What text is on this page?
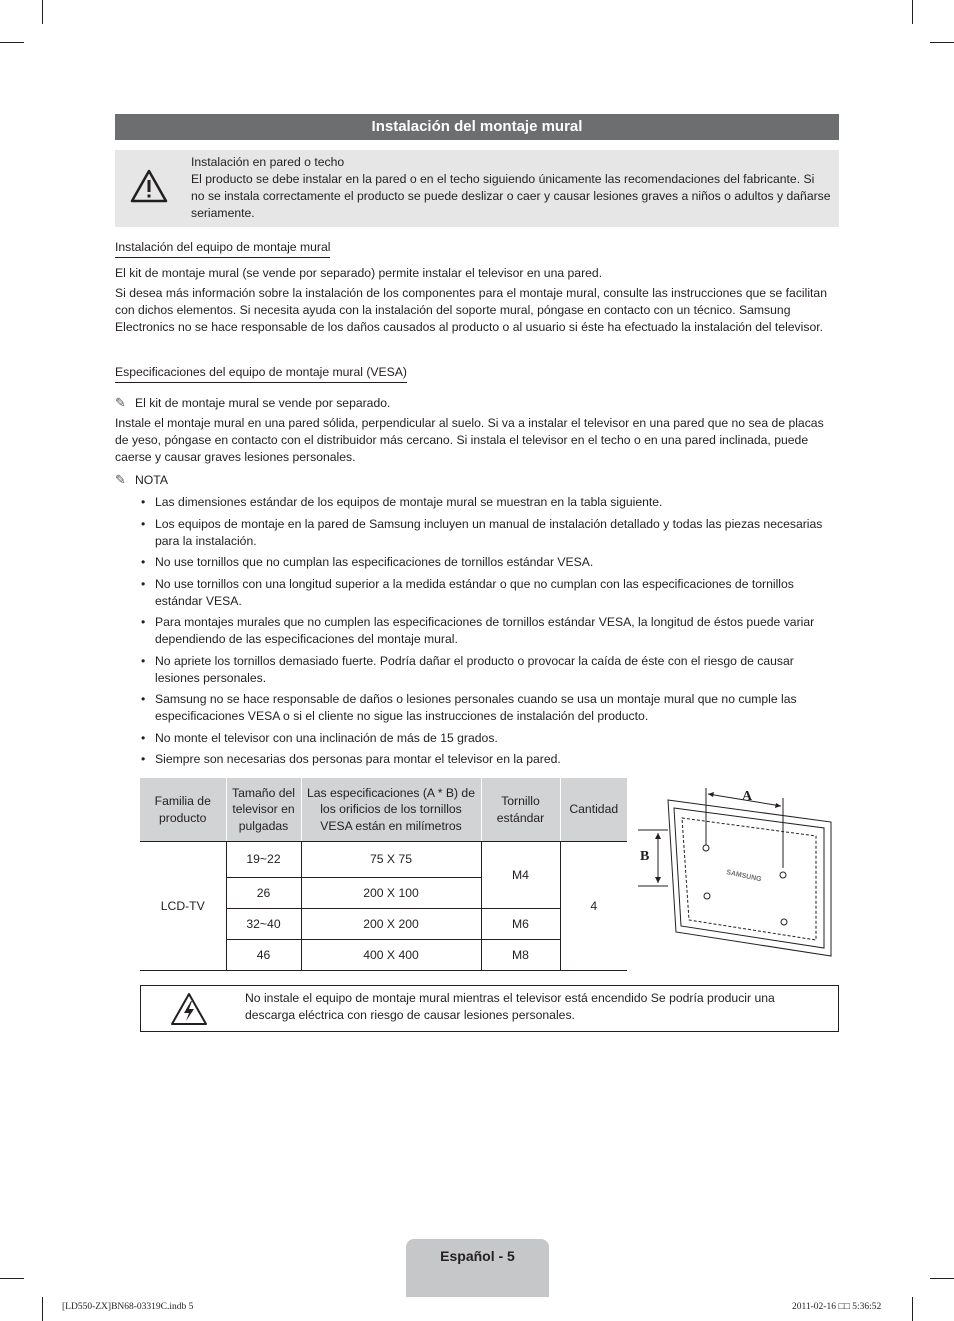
Instalación del montaje mural
Instalación en pared o techo
El producto se debe instalar en la pared o en el techo siguiendo únicamente las recomendaciones del fabricante. Si no se instala correctamente el producto se puede deslizar o caer y causar lesiones graves a niños o adultos y dañarse seriamente.
Instalación del equipo de montaje mural

El kit de montaje mural (se vende por separado) permite instalar el televisor en una pared.

Si desea más información sobre la instalación de los componentes para el montaje mural, consulte las instrucciones que se facilitan con dichos elementos. Si necesita ayuda con la instalación del soporte mural, póngase en contacto con un técnico. Samsung Electronics no se hace responsable de los daños causados al producto o al usuario si éste ha efectuado la instalación del televisor.

Especificaciones del equipo de montaje mural (VESA)
✎ El kit de montaje mural se vende por separado.

Instale el montaje mural en una pared sólida, perpendicular al suelo. Si va a instalar el televisor en una pared que no sea de placas de yeso, póngase en contacto con el distribuidor más cercano. Si instala el televisor en el techo o en una pared inclinada, puede caerse y causar graves lesiones personales.

✎ NOTA
• Las dimensiones estándar de los equipos de montaje mural se muestran en la tabla siguiente.
• Los equipos de montaje en la pared de Samsung incluyen un manual de instalación detallado y todas las piezas necesarias para la instalación.
• No use tornillos que no cumplan las especificaciones de tornillos estándar VESA.
• No use tornillos con una longitud superior a la medida estándar o que no cumplan con las especificaciones de tornillos estándar VESA.
• Para montajes murales que no cumplen las especificaciones de tornillos estándar VESA, la longitud de éstos puede variar dependiendo de las especificaciones del montaje mural.
• No apriete los tornillos demasiado fuerte. Podría dañar el producto o provocar la caída de éste con el riesgo de causar lesiones personales.
• Samsung no se hace responsable de daños o lesiones personales cuando se usa un montaje mural que no cumple las especificaciones VESA o si el cliente no sigue las instrucciones de instalación del producto.
• No monte el televisor con una inclinación de más de 15 grados.
• Siempre son necesarias dos personas para montar el televisor en la pared.
Familia de producto	Tamaño del televisor en pulgadas	Las especificaciones (A * B) de los orificios de los tornillos VESA están en milímetros	Tornillo estándar	Cantidad
LCD-TV	19~22	75 X 75	M4	4
	26	200 X 100		
	32~40	200 X 200	M6	
	46	400 X 400	M8	
A
B
SAMSUNG
No instale el equipo de montaje mural mientras el televisor está encendido Se podría producir una descarga eléctrica con riesgo de causar lesiones personales.
Español - 5
[LD550-ZX]BN68-03319C.indb 5	2011-02-16 □□ 5:36:52
